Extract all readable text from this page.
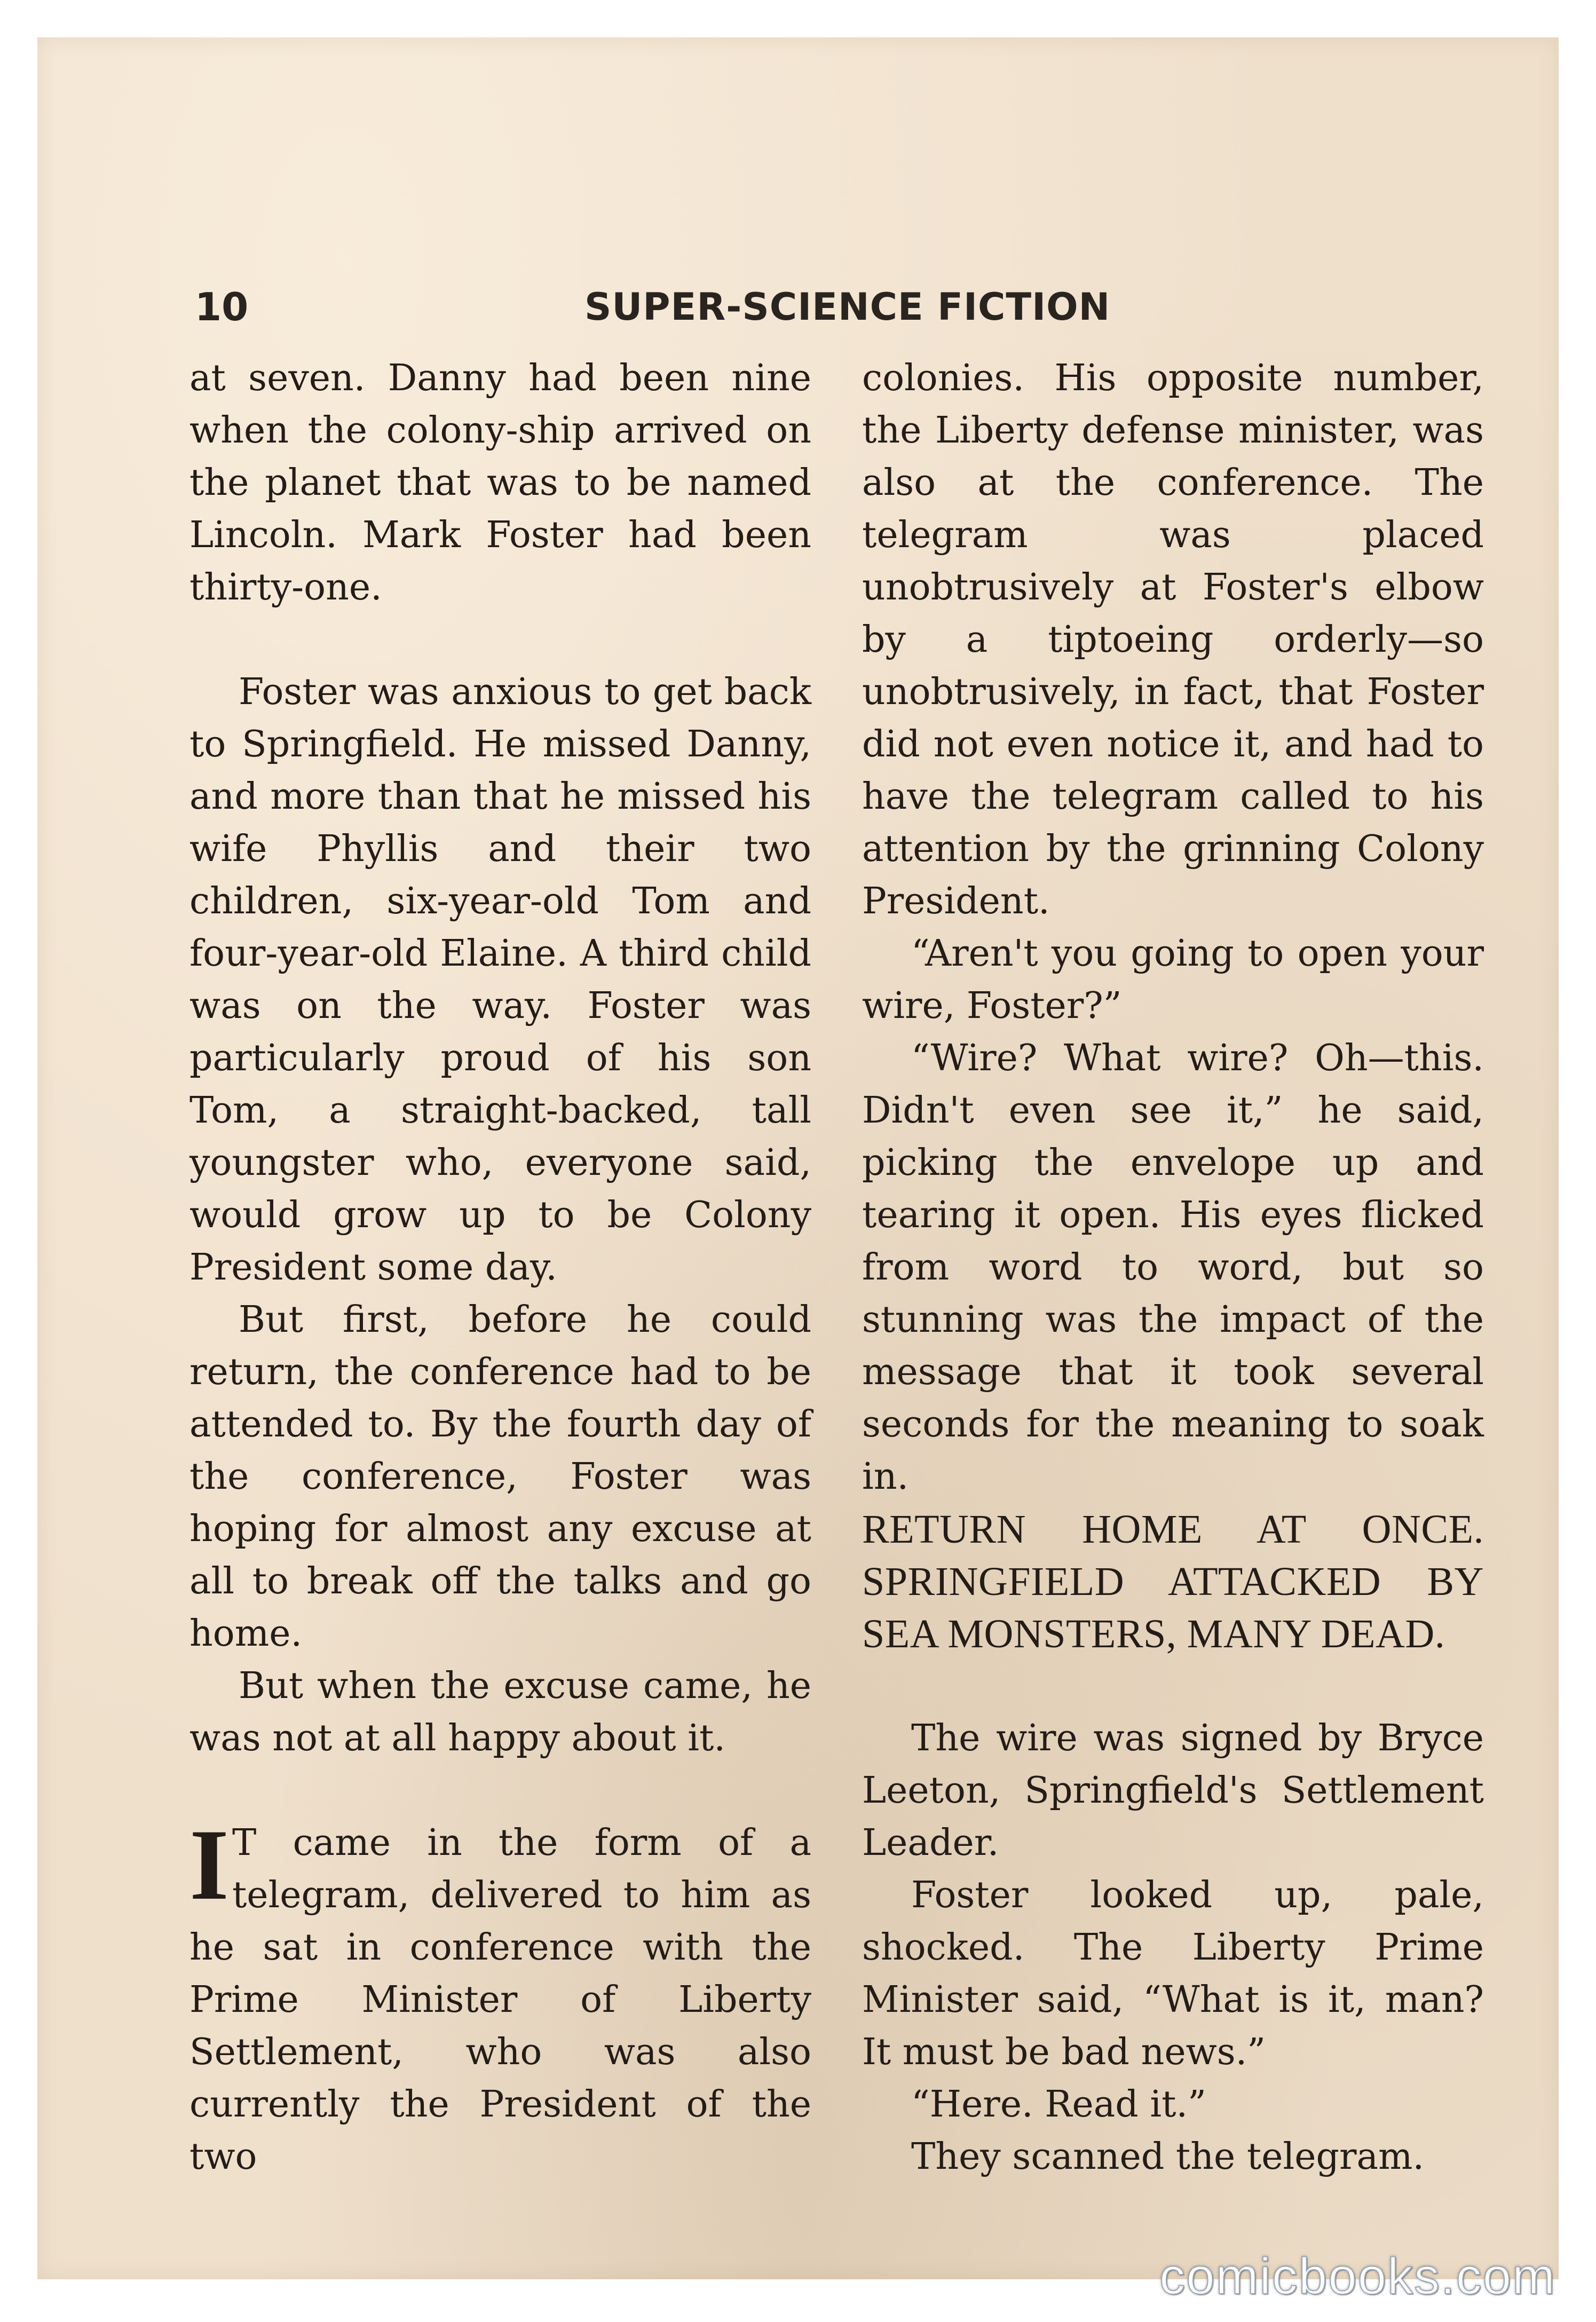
10	SUPER-SCIENCE FICTION

at seven. Danny had been nine when the colony-ship arrived on the planet that was to be named Lincoln. Mark Foster had been thirty-one.

Foster was anxious to get back to Springfield. He missed Danny, and more than that he missed his wife Phyllis and their two children, six-year-old Tom and four-year-old Elaine. A third child was on the way. Foster was particularly proud of his son Tom, a straight-backed, tall youngster who, everyone said, would grow up to be Colony President some day.

But first, before he could return, the conference had to be attended to. By the fourth day of the conference, Foster was hoping for almost any excuse at all to break off the talks and go home.

But when the excuse came, he was not at all happy about it.

I T came in the form of a telegram, delivered to him as he sat in conference with the Prime Minister of Liberty Settlement, who was also currently the President of the two

colonies. His opposite number, the Liberty defense minister, was also at the conference. The telegram was placed unobtrusively at Foster's elbow by a tiptoeing orderly—so unobtrusively, in fact, that Foster did not even notice it, and had to have the telegram called to his attention by the grinning Colony President.

“Aren't you going to open your wire, Foster?”

“Wire? What wire? Oh—this. Didn't even see it,” he said, picking the envelope up and tearing it open. His eyes flicked from word to word, but so stunning was the impact of the message that it took several seconds for the meaning to soak in.

RETURN HOME AT ONCE. SPRINGFIELD ATTACKED BY SEA MONSTERS, MANY DEAD.

The wire was signed by Bryce Leeton, Springfield's Settlement Leader.

Foster looked up, pale, shocked. The Liberty Prime Minister said, “What is it, man? It must be bad news.”

“Here. Read it.”

They scanned the telegram.

comicbooks.com
